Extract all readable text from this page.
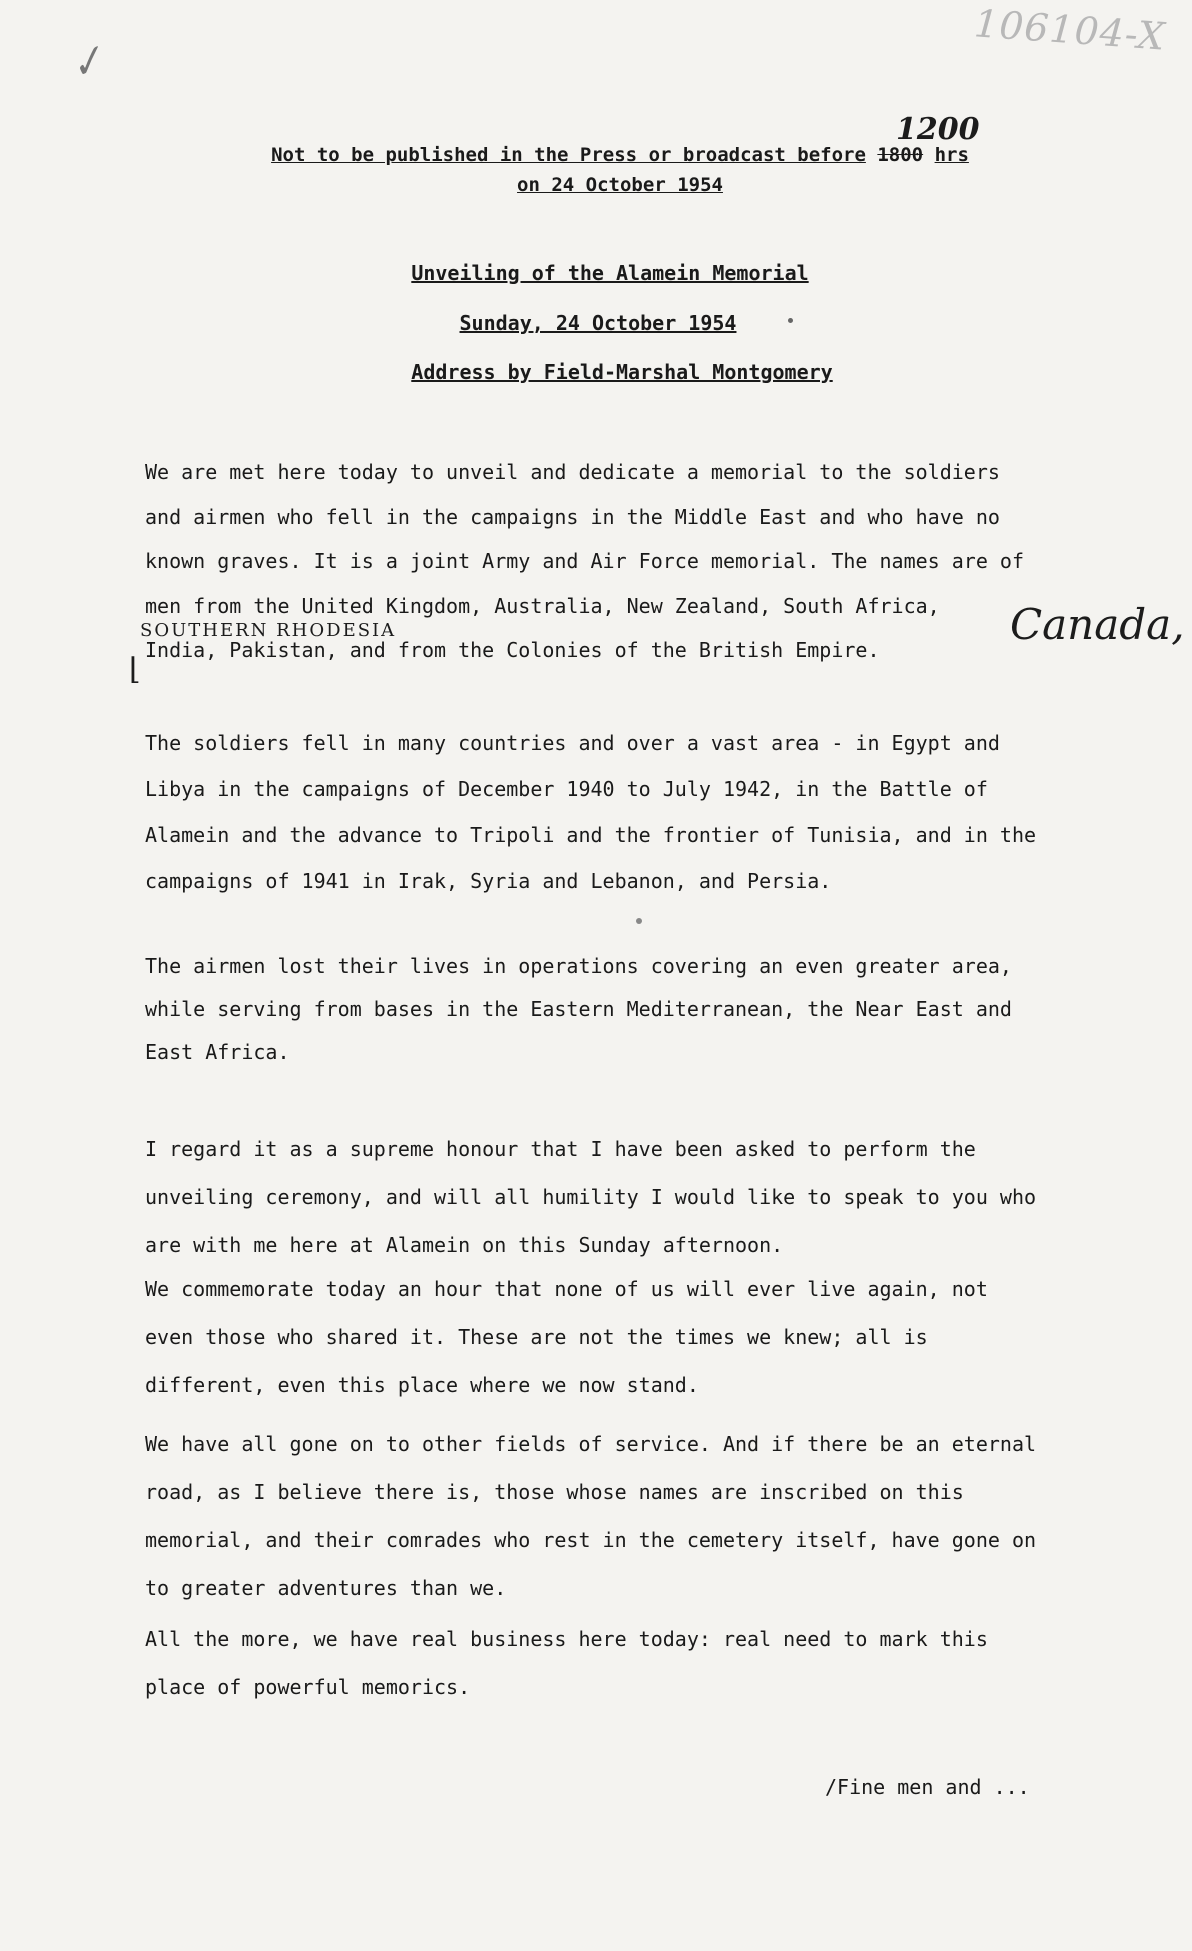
106104-X
✓
1200
Not to be published in the Press or broadcast before 1800 hrs
on 24 October 1954
Unveiling of the Alamein Memorial
Sunday, 24 October 1954
Address by Field-Marshal Montgomery
We are met here today to unveil and dedicate a memorial to the soldiers and airmen who fell in the campaigns in the Middle East and who have no known graves. It is a joint Army and Air Force memorial. The names are of men from the United Kingdom, Australia, New Zealand, South Africa,
India, Pakistan, and from the Colonies of the British Empire.
Canada,
SOUTHERN RHODESIA
⌊
The soldiers fell in many countries and over a vast area - in Egypt and Libya in the campaigns of December 1940 to July 1942, in the Battle of Alamein and the advance to Tripoli and the frontier of Tunisia, and in the campaigns of 1941 in Irak, Syria and Lebanon, and Persia.
The airmen lost their lives in operations covering an even greater area, while serving from bases in the Eastern Mediterranean, the Near East and East Africa.
I regard it as a supreme honour that I have been asked to perform the unveiling ceremony, and will all humility I would like to speak to you who are with me here at Alamein on this Sunday afternoon.
We commemorate today an hour that none of us will ever live again, not even those who shared it. These are not the times we knew; all is different, even this place where we now stand.
We have all gone on to other fields of service. And if there be an eternal road, as I believe there is, those whose names are inscribed on this memorial, and their comrades who rest in the cemetery itself, have gone on to greater adventures than we.
All the more, we have real business here today: real need to mark this place of powerful memorics.
/Fine men and ...
